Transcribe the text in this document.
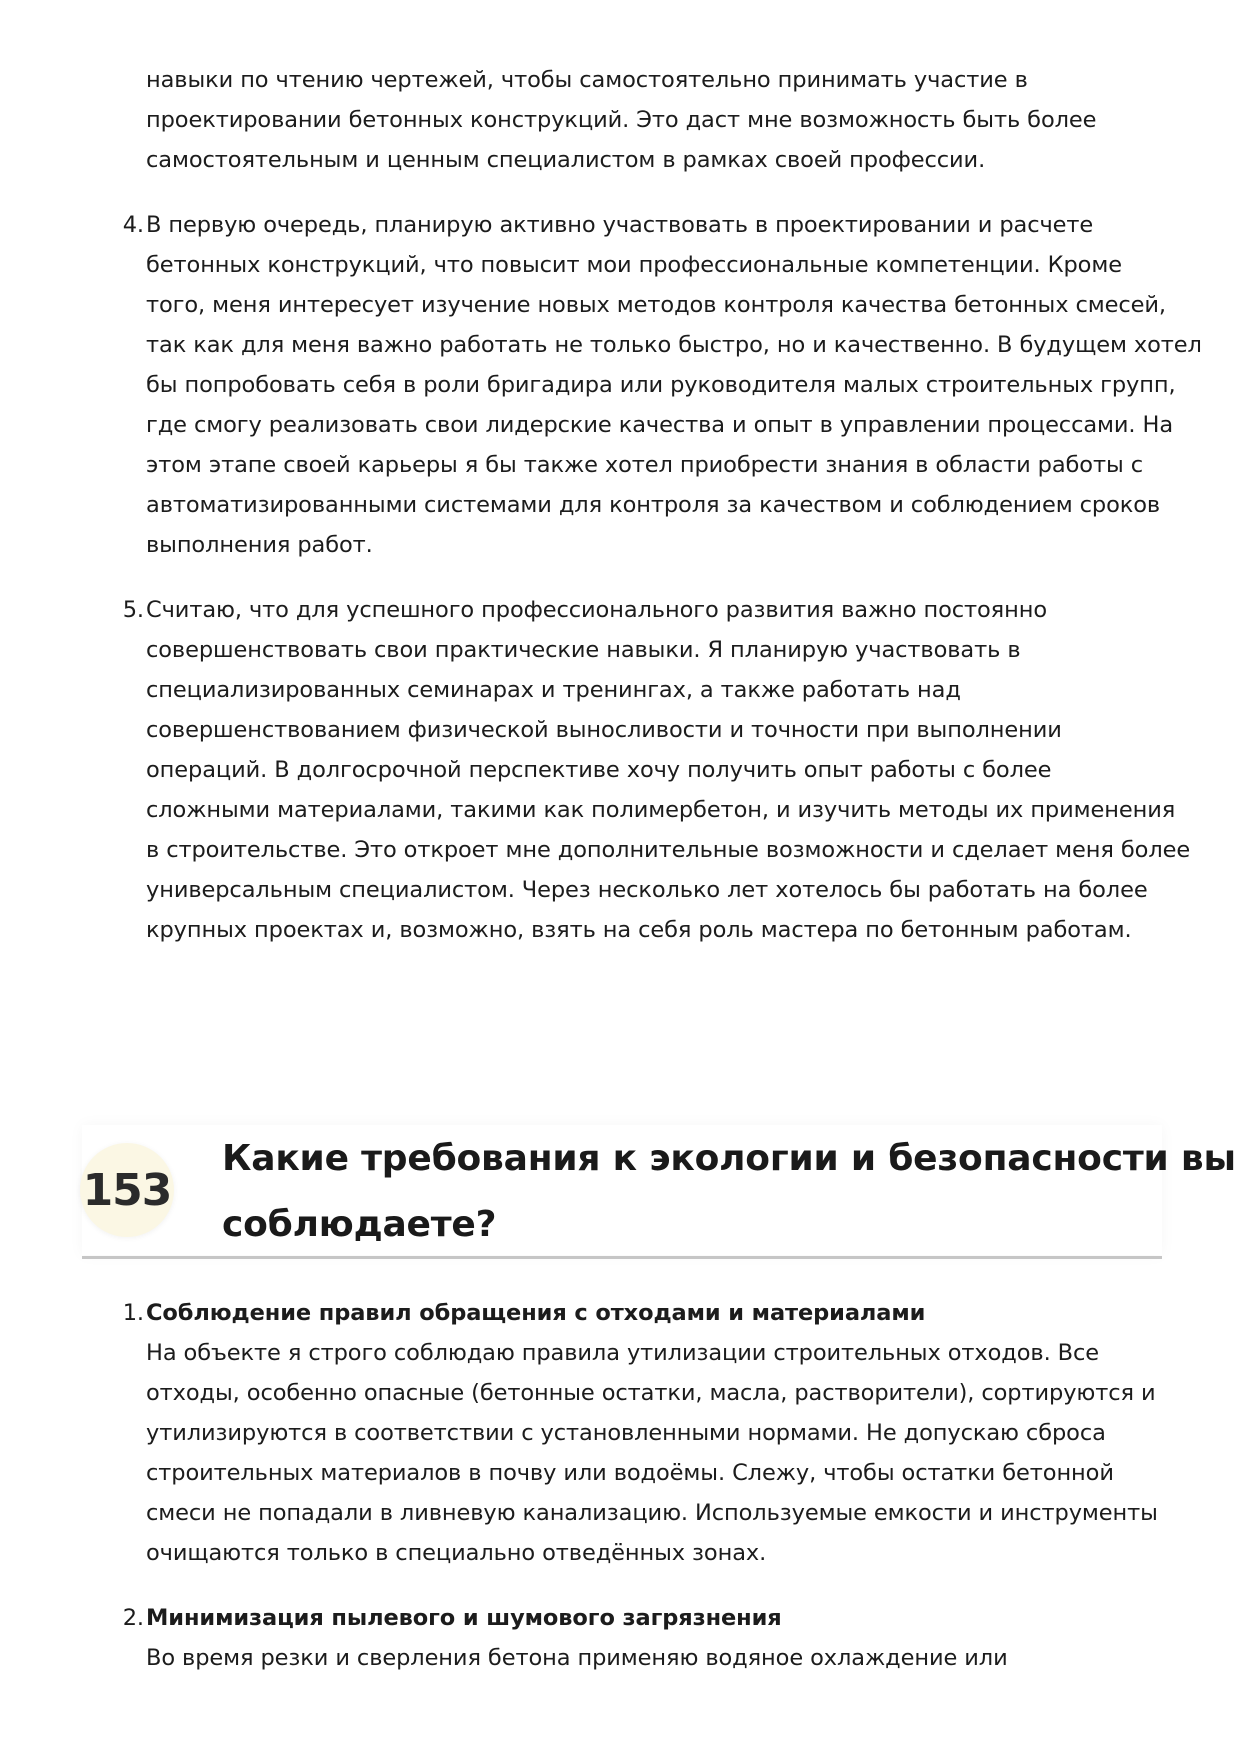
навыки по чтению чертежей, чтобы самостоятельно принимать участие в
проектировании бетонных конструкций. Это даст мне возможность быть более
самостоятельным и ценным специалистом в рамках своей профессии.
4. В первую очередь, планирую активно участвовать в проектировании и расчете
бетонных конструкций, что повысит мои профессиональные компетенции. Кроме
того, меня интересует изучение новых методов контроля качества бетонных смесей,
так как для меня важно работать не только быстро, но и качественно. В будущем хотел
бы попробовать себя в роли бригадира или руководителя малых строительных групп,
где смогу реализовать свои лидерские качества и опыт в управлении процессами. На
этом этапе своей карьеры я бы также хотел приобрести знания в области работы с
автоматизированными системами для контроля за качеством и соблюдением сроков
выполнения работ.
5. Считаю, что для успешного профессионального развития важно постоянно
совершенствовать свои практические навыки. Я планирую участвовать в
специализированных семинарах и тренингах, а также работать над
совершенствованием физической выносливости и точности при выполнении
операций. В долгосрочной перспективе хочу получить опыт работы с более
сложными материалами, такими как полимербетон, и изучить методы их применения
в строительстве. Это откроет мне дополнительные возможности и сделает меня более
универсальным специалистом. Через несколько лет хотелось бы работать на более
крупных проектах и, возможно, взять на себя роль мастера по бетонным работам.
153
Какие требования к экологии и безопасности вы
соблюдаете?
1. Соблюдение правил обращения с отходами и материалами
На объекте я строго соблюдаю правила утилизации строительных отходов. Все
отходы, особенно опасные (бетонные остатки, масла, растворители), сортируются и
утилизируются в соответствии с установленными нормами. Не допускаю сброса
строительных материалов в почву или водоёмы. Слежу, чтобы остатки бетонной
смеси не попадали в ливневую канализацию. Используемые емкости и инструменты
очищаются только в специально отведённых зонах.
2. Минимизация пылевого и шумового загрязнения
Во время резки и сверления бетона применяю водяное охлаждение или
